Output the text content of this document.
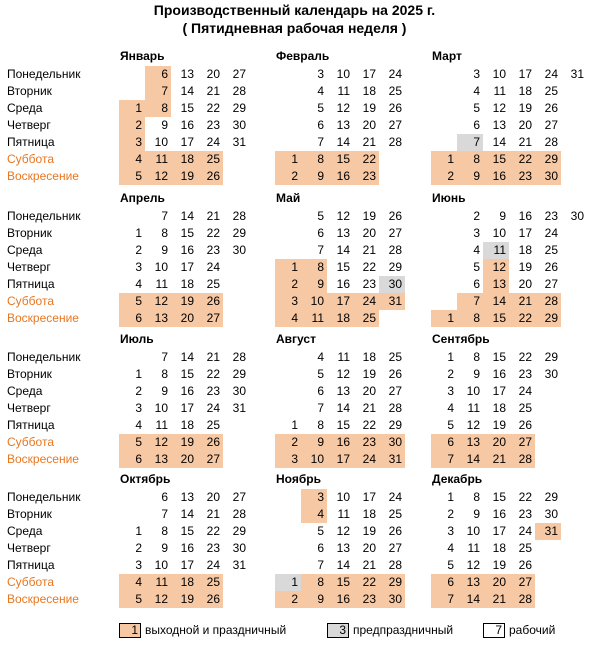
Производственный календарь на 2025 г.
( Пятидневная рабочая неделя )
Понедельник
Вторник
Среда
Четверг
Пятница
Суббота
Воскресение
Январь
1
2
3
4
5
6
7
8
9
10
11
12
13
14
15
16
17
18
19
20
21
22
23
24
25
26
27
28
29
30
31
Февраль
1
2
3
4
5
6
7
8
9
10
11
12
13
14
15
16
17
18
19
20
21
22
23
24
25
26
27
28
Март
1
2
3
4
5
6
7
8
9
10
11
12
13
14
15
16
17
18
19
20
21
22
23
24
25
26
27
28
29
30
31
Понедельник
Вторник
Среда
Четверг
Пятница
Суббота
Воскресение
Апрель
1
2
3
4
5
6
7
8
9
10
11
12
13
14
15
16
17
18
19
20
21
22
23
24
25
26
27
28
29
30
Май
1
2
3
4
5
6
7
8
9
10
11
12
13
14
15
16
17
18
19
20
21
22
23
24
25
26
27
28
29
30
31
Июнь
1
2
3
4
5
6
7
8
9
10
11
12
13
14
15
16
17
18
19
20
21
22
23
24
25
26
27
28
29
30
Понедельник
Вторник
Среда
Четверг
Пятница
Суббота
Воскресение
Июль
1
2
3
4
5
6
7
8
9
10
11
12
13
14
15
16
17
18
19
20
21
22
23
24
25
26
27
28
29
30
31
Август
1
2
3
4
5
6
7
8
9
10
11
12
13
14
15
16
17
18
19
20
21
22
23
24
25
26
27
28
29
30
31
Сентябрь
1
2
3
4
5
6
7
8
9
10
11
12
13
14
15
16
17
18
19
20
21
22
23
24
25
26
27
28
29
30
Понедельник
Вторник
Среда
Четверг
Пятница
Суббота
Воскресение
Октябрь
1
2
3
4
5
6
7
8
9
10
11
12
13
14
15
16
17
18
19
20
21
22
23
24
25
26
27
28
29
30
31
Ноябрь
1
2
3
4
5
6
7
8
9
10
11
12
13
14
15
16
17
18
19
20
21
22
23
24
25
26
27
28
29
30
Декабрь
1
2
3
4
5
6
7
8
9
10
11
12
13
14
15
16
17
18
19
20
21
22
23
24
25
26
27
28
29
30
31
1 выходной и праздничный	3 предпраздничный	7 рабочий
